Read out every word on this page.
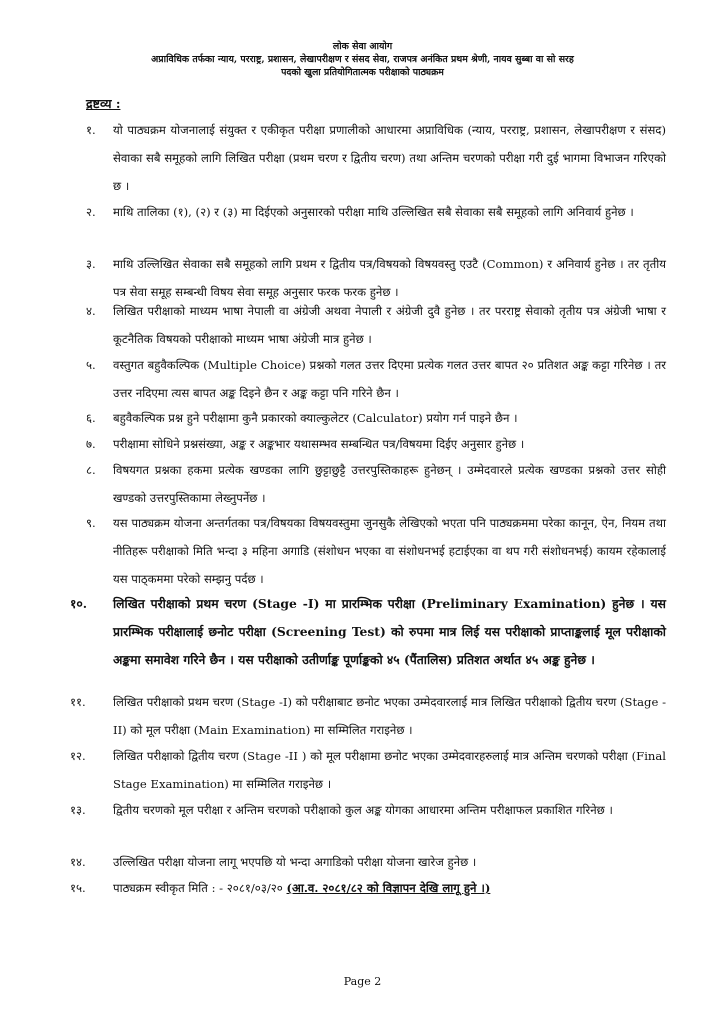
लोक सेवा आयोग
अप्राविधिक तर्फका न्याय, परराष्ट्र, प्रशासन, लेखापरीक्षण र संसद सेवा, राजपत्र अनंकित प्रथम श्रेणी, नायव सुब्बा वा सो सरह
पदको खुला प्रतियोगितात्मक परीक्षाको पाठ्यक्रम
द्रष्टव्य :
१.	यो पाठ्यक्रम योजनालाई संयुक्त र एकीकृत परीक्षा प्रणालीको आधारमा अप्राविधिक (न्याय, परराष्ट्र, प्रशासन, लेखापरीक्षण र संसद) सेवाका सबै समूहको लागि लिखित परीक्षा (प्रथम चरण र द्वितीय चरण) तथा अन्तिम चरणको परीक्षा गरी दुई भागमा विभाजन गरिएको छ ।
२.	माथि तालिका (१), (२) र (३) मा दिईएको अनुसारको परीक्षा माथि उल्लिखित सबै सेवाका सबै समूहको लागि अनिवार्य हुनेछ ।
३.	माथि उल्लिखित सेवाका सबै समूहको लागि प्रथम र द्वितीय पत्र/विषयको विषयवस्तु एउटै (Common) र अनिवार्य हुनेछ । तर तृतीय पत्र सेवा समूह सम्बन्धी विषय सेवा समूह अनुसार फरक फरक हुनेछ ।
४.	लिखित परीक्षाको माध्यम भाषा नेपाली वा अंग्रेजी अथवा नेपाली र अंग्रेजी दुवै हुनेछ । तर परराष्ट्र सेवाको तृतीय पत्र अंग्रेजी भाषा र कूटनैतिक विषयको परीक्षाको माध्यम भाषा अंग्रेजी मात्र हुनेछ ।
५.	वस्तुगत बहुवैकल्पिक (Multiple Choice) प्रश्नको गलत उत्तर दिएमा प्रत्येक गलत उत्तर बापत २० प्रतिशत अङ्क कट्टा गरिनेछ । तर उत्तर नदिएमा त्यस बापत अङ्क दिइने छैन र अङ्क कट्टा पनि गरिने छैन ।
६.	बहुवैकल्पिक प्रश्न हुने परीक्षामा कुनै प्रकारको क्याल्कुलेटर (Calculator) प्रयोग गर्न पाइने छैन ।
७.	परीक्षामा सोधिने प्रश्नसंख्या, अङ्क र अङ्कभार यथासम्भव सम्बन्धित पत्र/विषयमा दिईए अनुसार हुनेछ ।
८.	विषयगत प्रश्नका हकमा प्रत्येक खण्डका लागि छुट्टाछुट्टै उत्तरपुस्तिकाहरू हुनेछन् । उम्मेदवारले प्रत्येक खण्डका प्रश्नको उत्तर सोही खण्डको उत्तरपुस्तिकामा लेख्नुपर्नेछ ।
९.	यस पाठ्यक्रम योजना अन्तर्गतका पत्र/विषयका विषयवस्तुमा जुनसुकै लेखिएको भएता पनि पाठ्यक्रममा परेका कानून, ऐन, नियम तथा नीतिहरू परीक्षाको मिति भन्दा ३ महिना अगाडि (संशोधन भएका वा संशोधनभई हटाईएका वा थप गरी संशोधनभई) कायम रहेकालाई यस पाठ्कममा परेको सम्झनु पर्दछ ।
१०.	लिखित परीक्षाको प्रथम चरण (Stage -I) मा प्रारम्भिक परीक्षा (Preliminary Examination) हुनेछ । यस प्रारम्भिक परीक्षालाई छनोट परीक्षा (Screening Test) को रुपमा मात्र लिई यस परीक्षाको प्राप्ताङ्कलाई मूल परीक्षाको अङ्कमा समावेश गरिने छैन । यस परीक्षाको उतीर्णाङ्क पूर्णाङ्कको ४५ (पैंतालिस) प्रतिशत अर्थात ४५ अङ्क हुनेछ ।
११.	लिखित परीक्षाको प्रथम चरण (Stage -I) को परीक्षाबाट छनोट भएका उम्मेदवारलाई मात्र लिखित परीक्षाको द्वितीय चरण (Stage -II) को मूल परीक्षा (Main Examination) मा सम्मिलित गराइनेछ ।
१२.	लिखित परीक्षाको द्वितीय चरण (Stage -II ) को मूल परीक्षामा छनोट भएका उम्मेदवारहरुलाई मात्र अन्तिम चरणको परीक्षा (Final Stage Examination) मा सम्मिलित गराइनेछ ।
१३.	द्वितीय चरणको मूल परीक्षा र अन्तिम चरणको परीक्षाको कुल अङ्क योगका आधारमा अन्तिम परीक्षाफल प्रकाशित गरिनेछ ।
१४.	उल्लिखित परीक्षा योजना लागू भएपछि यो भन्दा अगाडिको परीक्षा योजना खारेज हुनेछ ।
१५.	पाठ्यक्रम स्वीकृत मिति : - २०८१/०३/२० (आ.व. २०८१/८२ को विज्ञापन देखि लागू हुने ।)
Page 2
